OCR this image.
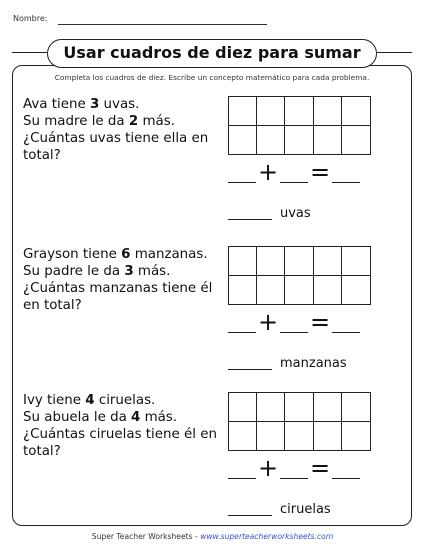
Nombre:
Usar cuadros de diez para sumar
Completa los cuadros de diez. Escribe un concepto matemático para cada problema.
Ava tiene 3 uvas.
Su madre le da 2 más.
¿Cuántas uvas tiene ella en total?
+ =
uvas
Grayson tiene 6 manzanas.
Su padre le da 3 más.
¿Cuántas manzanas tiene él en total?
+ =
manzanas
Ivy tiene 4 ciruelas.
Su abuela le da 4 más.
¿Cuántas ciruelas tiene él en total?
+ =
ciruelas
Super Teacher Worksheets - www.superteacherworksheets.com
